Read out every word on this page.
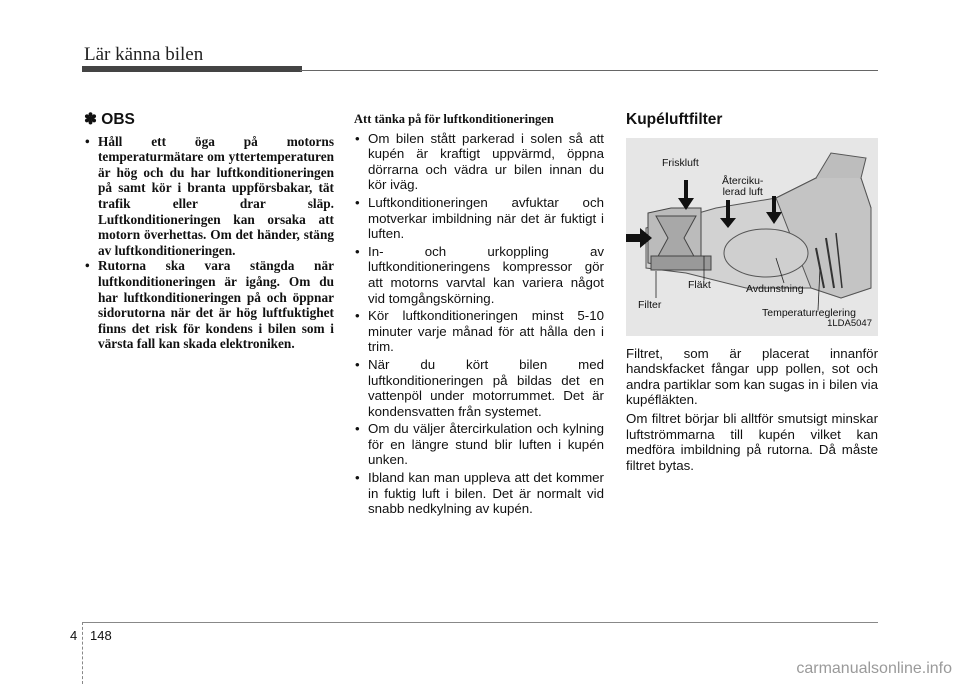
Lär känna bilen
✽ OBS
• Håll ett öga på motorns temperaturmätare om yttertemperaturen är hög och du har luftkonditioneringen på samt kör i branta uppförsbakar, tät trafik eller drar släp. Luftkonditioneringen kan orsaka att motorn överhettas. Om det händer, stäng av luftkonditioneringen.
• Rutorna ska vara stängda när luftkonditioneringen är igång. Om du har luftkonditioneringen på och öppnar sidorutorna när det är hög luftfuktighet finns det risk för kondens i bilen som i värsta fall kan skada elektroniken.
Att tänka på för luftkonditioneringen
• Om bilen stått parkerad i solen så att kupén är kraftigt uppvärmd, öppna dörrarna och vädra ur bilen innan du kör iväg.
• Luftkonditioneringen avfuktar och motverkar imbildning när det är fuktigt i luften.
• In- och urkoppling av luftkonditioneringens kompressor gör att motorns varvtal kan variera något vid tomgångskörning.
• Kör luftkonditioneringen minst 5-10 minuter varje månad för att hålla den i trim.
• När du kört bilen med luftkonditioneringen på bildas det en vattenpöl under motorrummet. Det är kondensvatten från systemet.
• Om du väljer återcirkulation och kylning för en längre stund blir luften i kupén unken.
• Ibland kan man uppleva att det kommer in fuktig luft i bilen. Det är normalt vid snabb nedkylning av kupén.
Kupéluftfilter
Friskluft
Återciku-
lerad luft
Fläkt	Avdunstning
Filter
Temperaturreglering
1LDA5047

Filtret, som är placerat innanför handskfacket fångar upp pollen, sot och andra partiklar som kan sugas in i bilen via kupéfläkten.

Om filtret börjar bli alltför smutsigt minskar luftströmmarna till kupén vilket kan medföra imbildning på rutorna. Då måste filtret bytas.

4 148
carmanualsonline.info
